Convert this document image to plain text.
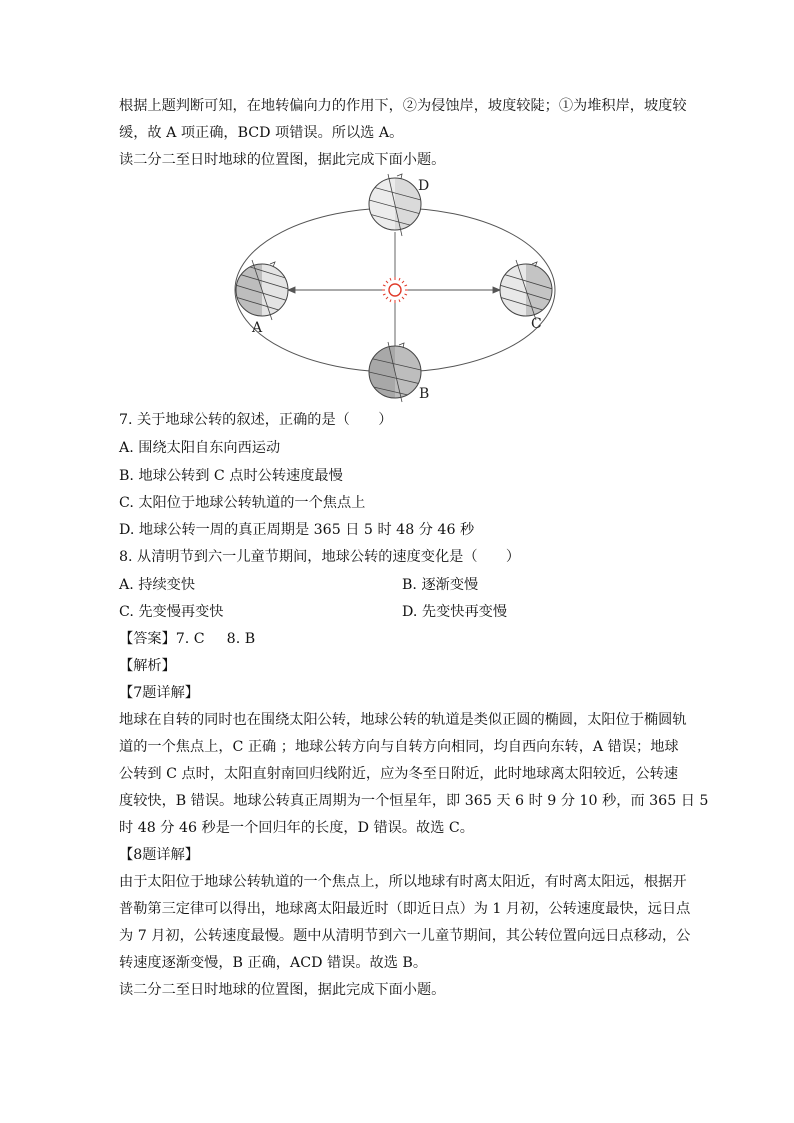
根据上题判断可知，在地转偏向力的作用下，②为侵蚀岸，坡度较陡；①为堆积岸，坡度较
缓，故 A 项正确，BCD 项错误。所以选 A。
读二分二至日时地球的位置图，据此完成下面小题。
A	C
D
B
7. 关于地球公转的叙述，正确的是（　　）
A. 围绕太阳自东向西运动
B. 地球公转到 C 点时公转速度最慢
C. 太阳位于地球公转轨道的一个焦点上
D. 地球公转一周的真正周期是 365 日 5 时 48 分 46 秒
8. 从清明节到六一儿童节期间，地球公转的速度变化是（　　）
A. 持续变快	B. 逐渐变慢
C. 先变慢再变快	D. 先变快再变慢
【答案】7. C 8. B
【解析】
【7题详解】
地球在自转的同时也在围绕太阳公转，地球公转的轨道是类似正圆的椭圆，太阳位于椭圆轨
道的一个焦点上，C 正确 ；地球公转方向与自转方向相同，均自西向东转，A 错误；地球
公转到 C 点时，太阳直射南回归线附近，应为冬至日附近，此时地球离太阳较近，公转速
度较快，B 错误。地球公转真正周期为一个恒星年，即 365 天 6 时 9 分 10 秒，而 365 日 5
时 48 分 46 秒是一个回归年的长度，D 错误。故选 C。
【8题详解】
由于太阳位于地球公转轨道的一个焦点上，所以地球有时离太阳近，有时离太阳远，根据开
普勒第三定律可以得出，地球离太阳最近时（即近日点）为 1 月初，公转速度最快，远日点
为 7 月初，公转速度最慢。题中从清明节到六一儿童节期间，其公转位置向远日点移动，公
转速度逐渐变慢，B 正确，ACD 错误。故选 B。
读二分二至日时地球的位置图，据此完成下面小题。
